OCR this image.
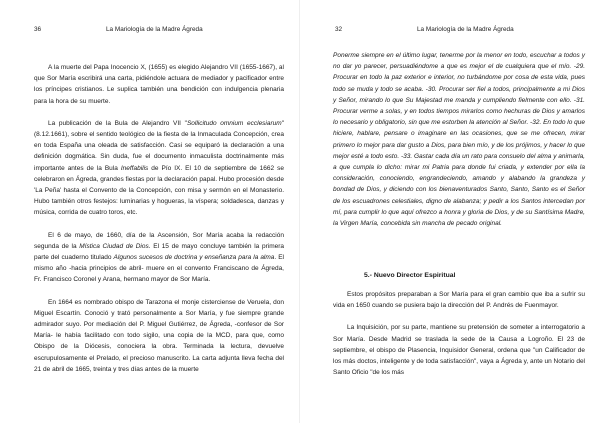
36	La Mariología de la Madre Ágreda

A la muerte del Papa Inocencio X, (1655) es elegido Alejandro VII (1655-1667), al que Sor María escribirá una carta, pidiéndole actuara de mediador y pacificador entre los príncipes cristianos. Le suplica también una bendición con indulgencia plenaria para la hora de su muerte.

La publicación de la Bula de Alejandro VII "Sollicitudo omnium ecclesiarum" (8.12.1661), sobre el sentido teológico de la fiesta de la Inmaculada Concepción, crea en toda España una oleada de satisfacción. Casi se equiparó la declaración a una definición dogmática. Sin duda, fue el documento inmaculista doctrinalmente más importante antes de la Bula Ineffabilis de Pío IX. El 10 de septiembre de 1662 se celebraron en Ágreda, grandes fiestas por la declaración papal. Hubo procesión desde 'La Peña' hasta el Convento de la Concepción, con misa y sermón en el Monasterio. Hubo también otros festejos: luminarias y hogueras, la víspera; soldadesca, danzas y música, corrida de cuatro toros, etc.

El 6 de mayo, de 1660, día de la Ascensión, Sor María acaba la redacción segunda de la Mística Ciudad de Dios. El 15 de mayo concluye también la primera parte del cuaderno titulado Algunos sucesos de doctrina y enseñanza para la alma. El mismo año -hacia principios de abril- muere en el convento Franciscano de Ágreda, Fr. Francisco Coronel y Arana, hermano mayor de Sor María.

En 1664 es nombrado obispo de Tarazona el monje cisterciense de Veruela, don Miguel Escartín. Conoció y trató personalmente a Sor María, y fue siempre grande admirador suyo. Por mediación del P. Miguel Gutiérrez, de Ágreda, -confesor de Sor María- le había facilitado con todo sigilo, una copia de la MCD, para que, como Obispo de la Diócesis, conociera la obra. Terminada la lectura, devuelve escrupulosamente el Prelado, el precioso manuscrito. La carta adjunta lleva fecha del 21 de abril de 1665, treinta y tres días antes de la muerte

32	La Mariología de la Madre Ágreda

Ponerme siempre en el último lugar, tenerme por la menor en todo, escuchar a todos y no dar yo parecer, persuadiéndome a que es mejor el de cualquiera que el mío. -29. Procurar en todo la paz exterior e interior, no turbándome por cosa de esta vida, pues todo se muda y todo se acaba. -30. Procurar ser fiel a todos, principalmente a mi Dios y Señor, mirando lo que Su Majestad me manda y cumpliendo fielmente con ello. -31. Procurar verme a solas, y en todos tiempos mirarlos como hechuras de Dios y amarlos lo necesario y obligatorio, sin que me estorben la atención al Señor. -32. En todo lo que hiciere, hablare, pensare o imaginare en las ocasiones, que se me ofrecen, mirar primero lo mejor para dar gusto a Dios, para bien mío, y de los prójimos, y hacer lo que mejor esté a todo esto. -33. Gastar cada día un rato para consuelo del alma y animarla, a que cumpla lo dicho: mirar mi Patria para donde fui criada, y extender por ella la consideración, conociendo, engrandeciendo, amando y alabando la grandeza y bondad de Dios, y diciendo con los bienaventurados Santo, Santo, Santo es el Señor de los escuadrones celestiales, digno de alabanza; y pedir a los Santos intercedan por mí, para cumplir lo que aquí ofrezco a honra y gloria de Dios, y de su Santísima Madre, la Virgen María, concebida sin mancha de pecado original.

5.- Nuevo Director Espiritual

Estos propósitos preparaban a Sor María para el gran cambio que iba a sufrir su vida en 1650 cuando se pusiera bajo la dirección del P. Andrés de Fuenmayor.

La Inquisición, por su parte, mantiene su pretensión de someter a interrogatorio a Sor María. Desde Madrid se traslada la sede de la Causa a Logroño. El 23 de septiembre, el obispo de Plasencia, Inquisidor General, ordena que "un Calificador de los más doctos, inteligente y de toda satisfacción", vaya a Ágreda y, ante un Notario del Santo Oficio "de los más
